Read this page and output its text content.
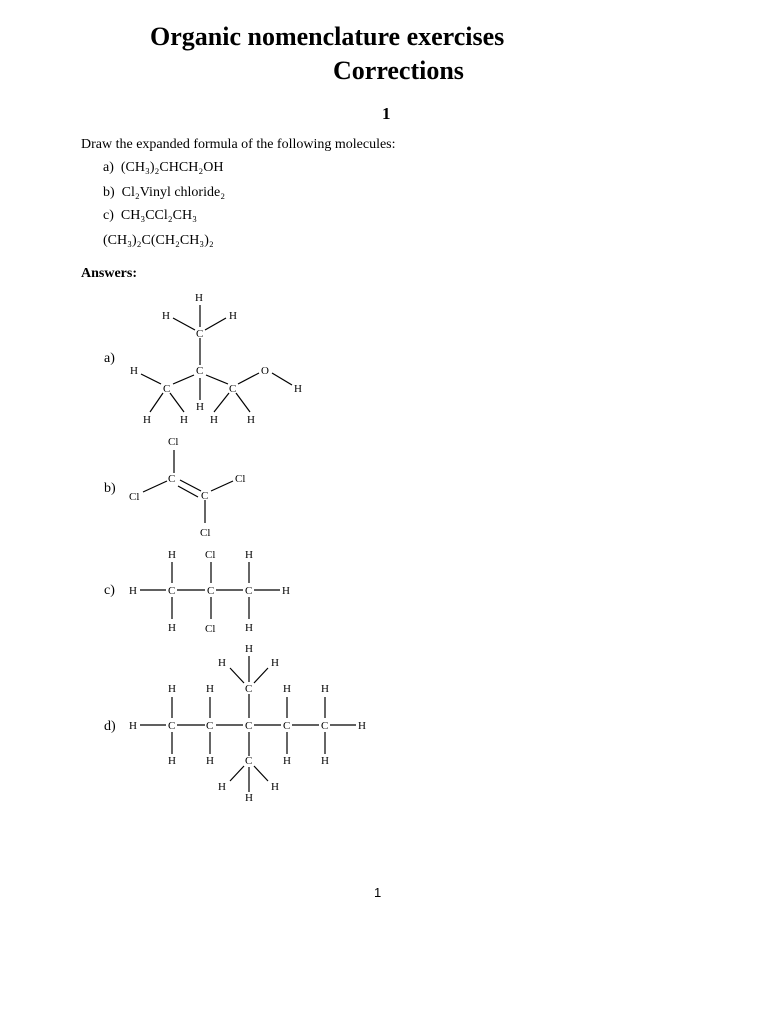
Organic nomenclature exercises
Corrections
1
Draw the expanded formula of the following molecules:
a) (CH₃)₂CHCH₂OH
b) Cl₂Vinyl chloride₂
c) CH₃CCl₂CH₃
(CH₃)₂C(CH₂CH₃)₂
Answers:
a)
H
H	H
C
C
H
C	C
O
H
H
H	H H	H
b)
Cl
C
C
Cl
Cl
Cl
c) H	C	C	C	H
H	Cl	H
H	Cl	H
d) H	C	C	C	C	C	H
H	H	H	H
H	H	H	H
C
H
H	H
C
H	H
H
1
